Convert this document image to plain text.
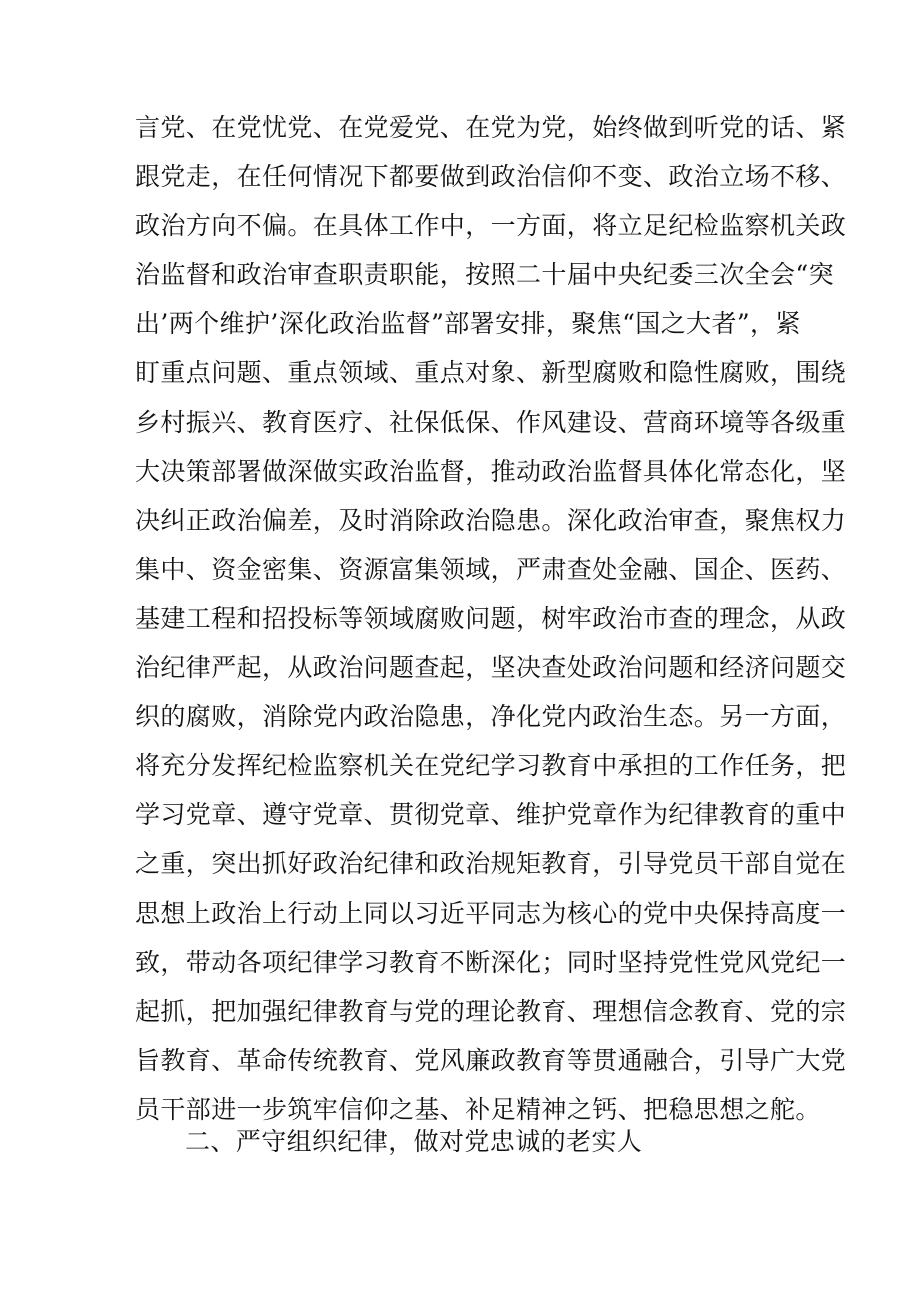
言党、在党忧党、在党爱党、在党为党，始终做到听党的话、紧
跟党走，在任何情况下都要做到政治信仰不变、政治立场不移、
政治方向不偏。在具体工作中，一方面，将立足纪检监察机关政
治监督和政治审查职责职能，按照二十届中央纪委三次全会“突
出’两个维护’深化政治监督”部署安排，聚焦“国之大者”，紧
盯重点问题、重点领域、重点对象、新型腐败和隐性腐败，围绕
乡村振兴、教育医疗、社保低保、作风建设、营商环境等各级重
大决策部署做深做实政治监督，推动政治监督具体化常态化，坚
决纠正政治偏差，及时消除政治隐患。深化政治审查，聚焦权力
集中、资金密集、资源富集领域，严肃查处金融、国企、医药、
基建工程和招投标等领域腐败问题，树牢政治市查的理念，从政
治纪律严起，从政治问题查起，坚决查处政治问题和经济问题交
织的腐败，消除党内政治隐患，净化党内政治生态。另一方面，
将充分发挥纪检监察机关在党纪学习教育中承担的工作任务，把
学习党章、遵守党章、贯彻党章、维护党章作为纪律教育的重中
之重，突出抓好政治纪律和政治规矩教育，引导党员干部自觉在
思想上政治上行动上同以习近平同志为核心的党中央保持高度一
致，带动各项纪律学习教育不断深化；同时坚持党性党风党纪一
起抓，把加强纪律教育与党的理论教育、理想信念教育、党的宗
旨教育、革命传统教育、党风廉政教育等贯通融合，引导广大党
员干部进一步筑牢信仰之基、补足精神之钙、把稳思想之舵。
二、严守组织纪律，做对党忠诚的老实人
